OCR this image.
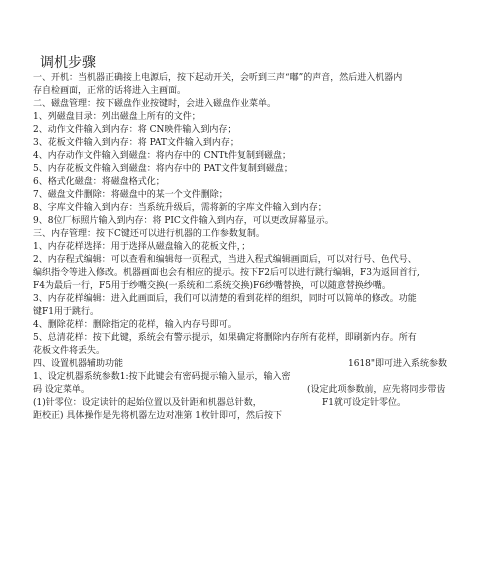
调机步骤
一、开机：当机器正确接上电源后，按下起动开关，会听到三声“嘟”的声音，然后进入机器内
存自检画面，正常的话将进入主画面。
二、磁盘管理：按下磁盘作业按键时，会进入磁盘作业菜单。
1、列磁盘目录：列出磁盘上所有的文件；
2、动作文件输入到内存：将 CN映件输入到内存；
3、花板文件输入到内存：将 PAT文件输入到内存；
4、内存动作文件输入到磁盘：将内存中的 CNTt件复制到磁盘；
5、内存花板文件输入到磁盘：将内存中的 PAT文件复制到磁盘；
6、格式化磁盘：将磁盘格式化；
7、磁盘文件删除：将磁盘中的某一个文件删除；
8、字库文件输入到内存：当系统升级后，需将新的字库文件输入到内存；
9、8位厂标照片输入到内存：将 PIC文件输入到内存，可以更改屏幕显示。
三、内存管理：按下C键还可以进行机器的工作参数复制。
1、内存花样选择：用于选择从磁盘输入的花板文件，；
2、内存程式编辑：可以查看和编辑每一页程式，当进入程式编辑画面后，可以对行号、色代号、
编织指令等进入修改。机器画面也会有相应的提示。按下F2后可以进行跳行编辑，F3为返回首行,
F4为最后一行，F5用于纱嘴交换(一系统和二系统交换)F6纱嘴替换，可以随意替换纱嘴。
3、内存花样编辑：进入此画面后，我们可以清楚的看到花样的组织，同时可以简单的修改。功能
键F1用于跳行。
4、删除花样：删除指定的花样，输入内存号即可。
5、总清花样：按下此键，系统会有警示提示，如果确定将删除内存所有花样，即刷新内存。所有
花板文件将丢失。
四、设置机器辅助功能
1、设定机器系统参数1:按下此键会有密码提示输入显示，输入密
码 设定菜单。
(1)针零位：设定读针的起始位置以及针距和机器总针数，
距校正) 具体操作是先将机器左边对准第 1枚针即可，然后按下
1618"即可进入系统参数
(设定此项参数前，应先将同步带齿
F1就可设定针零位。
